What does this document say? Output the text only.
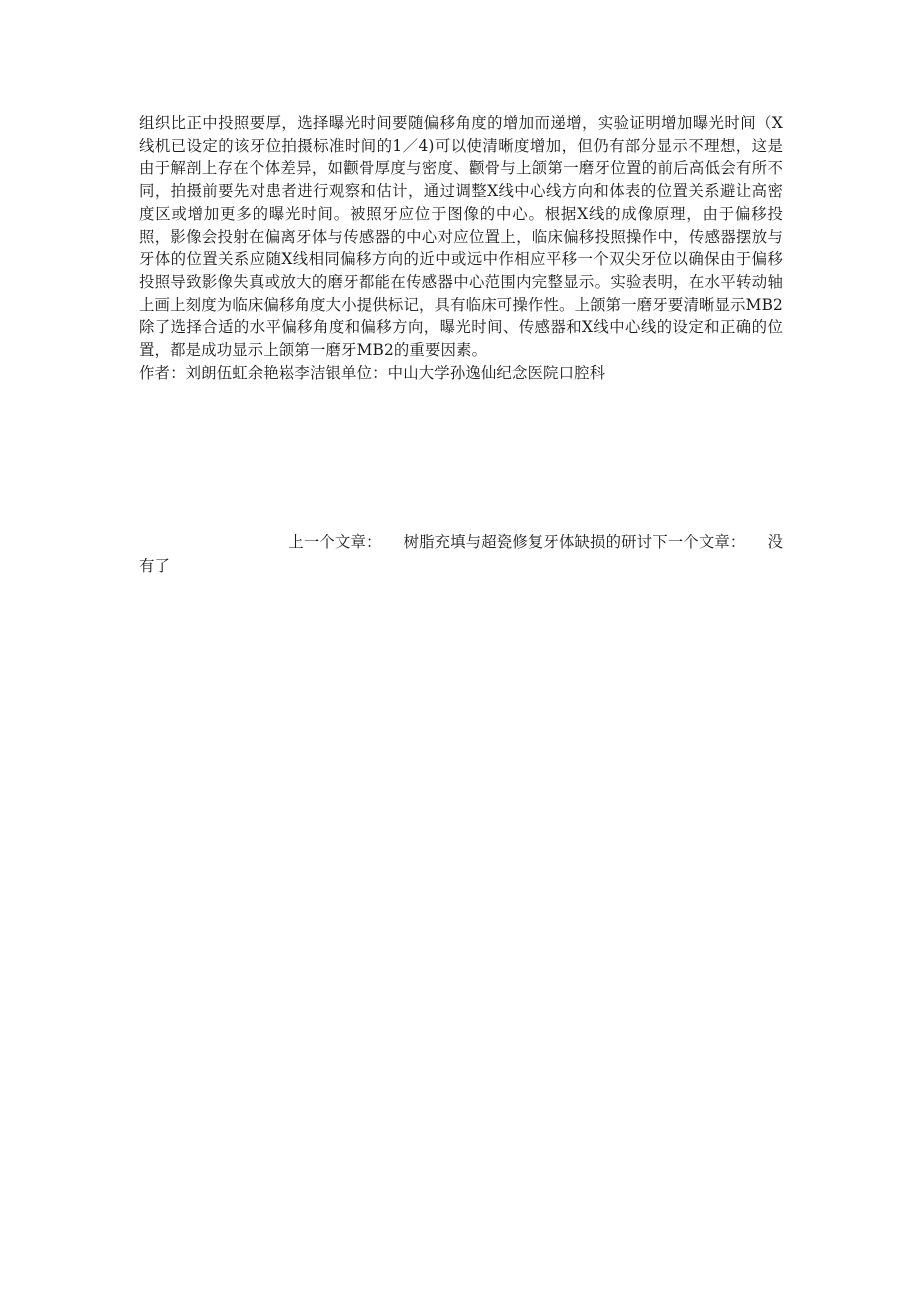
组织比正中投照要厚，选择曝光时间要随偏移角度的增加而递增，实验证明增加曝光时间（X线机已设定的该牙位拍摄标准时间的1／4)可以使清晰度增加，但仍有部分显示不理想，这是由于解剖上存在个体差异，如颧骨厚度与密度、颧骨与上颌第一磨牙位置的前后高低会有所不同，拍摄前要先对患者进行观察和估计，通过调整X线中心线方向和体表的位置关系避让高密度区或增加更多的曝光时间。被照牙应位于图像的中心。根据X线的成像原理，由于偏移投照，影像会投射在偏离牙体与传感器的中心对应位置上，临床偏移投照操作中，传感器摆放与牙体的位置关系应随X线相同偏移方向的近中或远中作相应平移一个双尖牙位以确保由于偏移投照导致影像失真或放大的磨牙都能在传感器中心范围内完整显示。实验表明，在水平转动轴上画上刻度为临床偏移角度大小提供标记，具有临床可操作性。上颌第一磨牙要清晰显示MB2除了选择合适的水平偏移角度和偏移方向，曝光时间、传感器和X线中心线的设定和正确的位置，都是成功显示上颌第一磨牙MB2的重要因素。

作者：刘朗伍虹余艳崧李洁银单位：中山大学孙逸仙纪念医院口腔科

上一个文章： 树脂充填与超瓷修复牙体缺损的研讨 下一个文章： 没
有了
